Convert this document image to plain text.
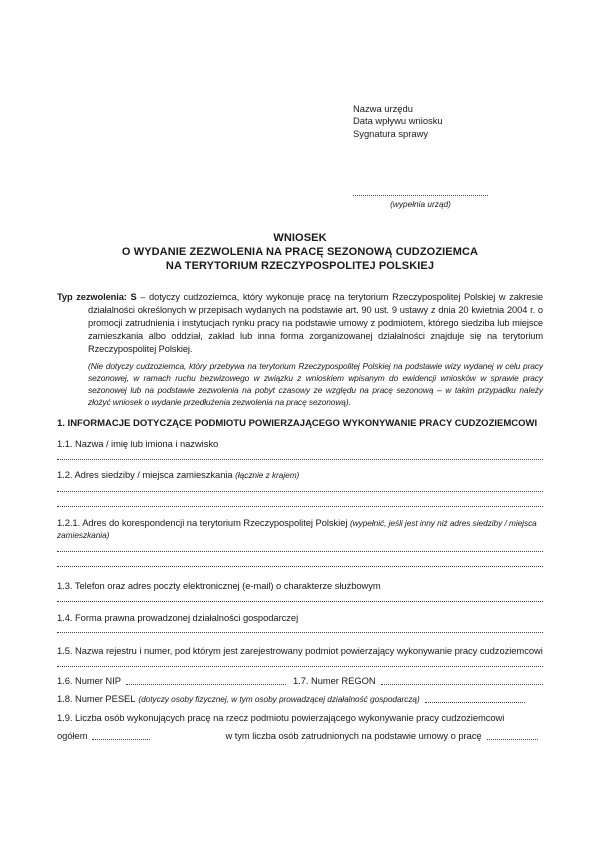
Nazwa urzędu
Data wpływu wniosku
Sygnatura sprawy
(wypełnia urząd)
WNIOSEK
O WYDANIE ZEZWOLENIA NA PRACĘ SEZONOWĄ CUDZOZIEMCA
NA TERYTORIUM RZECZYPOSPOLITEJ POLSKIEJ

Typ zezwolenia: S – dotyczy cudzoziemca, który wykonuje pracę na terytorium Rzeczypospolitej Polskiej w zakresie działalności określonych w przepisach wydanych na podstawie art. 90 ust. 9 ustawy z dnia 20 kwietnia 2004 r. o promocji zatrudnienia i instytucjach rynku pracy na podstawie umowy z podmiotem, którego siedziba lub miejsce zamieszkania albo oddział, zakład lub inna forma zorganizowanej działalności znajduje się na terytorium Rzeczypospolitej Polskiej.

(Nie dotyczy cudzoziemca, który przebywa na terytorium Rzeczypospolitej Polskiej na podstawie wizy wydanej w celu pracy sezonowej, w ramach ruchu bezwizowego w związku z wnioskiem wpisanym do ewidencji wniosków w sprawie pracy sezonowej lub na podstawie zezwolenia na pobyt czasowy ze względu na pracę sezonową – w takim przypadku należy złożyć wniosek o wydanie przedłużenia zezwolenia na pracę sezonową).

1. INFORMACJE DOTYCZĄCE PODMIOTU POWIERZAJĄCEGO WYKONYWANIE PRACY CUDZOZIEMCOWI
1.1. Nazwa / imię lub imiona i nazwisko
1.2. Adres siedziby / miejsca zamieszkania (łącznie z krajem)
1.2.1. Adres do korespondencji na terytorium Rzeczypospolitej Polskiej (wypełnić, jeśli jest inny niż adres siedziby / miejsca zamieszkania)
1.3. Telefon oraz adres poczty elektronicznej (e-mail) o charakterze służbowym
1.4. Forma prawna prowadzonej działalności gospodarczej
1.5. Nazwa rejestru i numer, pod którym jest zarejestrowany podmiot powierzający wykonywanie pracy cudzoziemcowi
1.6. Numer NIP	1.7. Numer REGON
1.8. Numer PESEL (dotyczy osoby fizycznej, w tym osoby prowadzącej działalność gospodarczą)
1.9. Liczba osób wykonujących pracę na rzecz podmiotu powierzającego wykonywanie pracy cudzoziemcowi
ogółem	w tym liczba osób zatrudnionych na podstawie umowy o pracę
